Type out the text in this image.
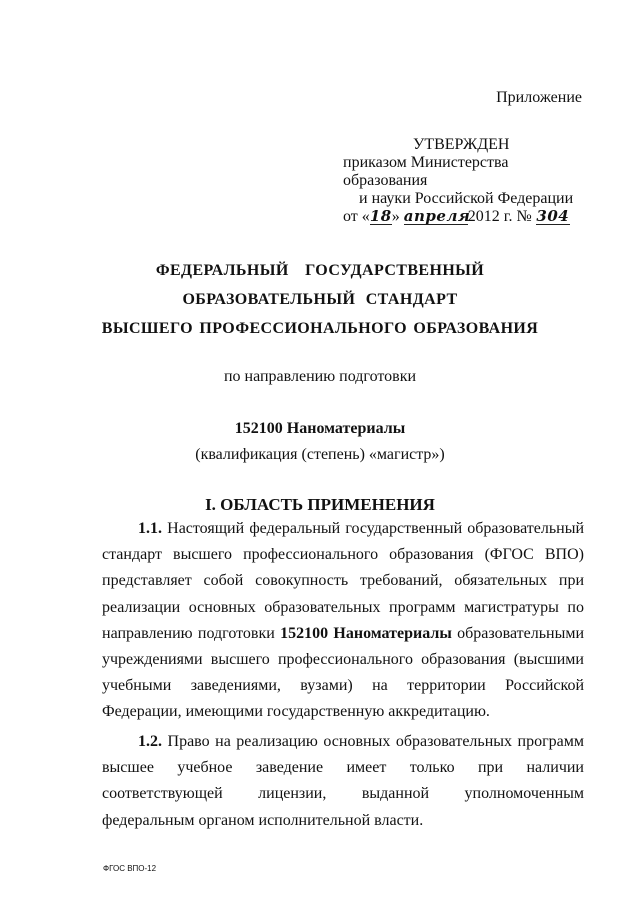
Приложение
УТВЕРЖДЕН
приказом Министерства образования
и науки Российской Федерации
от «18» апреля2012 г. № 304
ФЕДЕРАЛЬНЫЙ ГОСУДАРСТВЕННЫЙ
ОБРАЗОВАТЕЛЬНЫЙ СТАНДАРТ
ВЫСШЕГО ПРОФЕССИОНАЛЬНОГО ОБРАЗОВАНИЯ
по направлению подготовки
152100 Наноматериалы
(квалификация (степень) «магистр»)
I. ОБЛАСТЬ ПРИМЕНЕНИЯ
1.1. Настоящий федеральный государственный образовательный стандарт высшего профессионального образования (ФГОС ВПО) представляет собой совокупность требований, обязательных при реализации основных образовательных программ магистратуры по направлению подготовки 152100 Наноматериалы образовательными учреждениями высшего профессионального образования (высшими учебными заведениями, вузами) на территории Российской Федерации, имеющими государственную аккредитацию.
1.2. Право на реализацию основных образовательных программ высшее учебное заведение имеет только при наличии соответствующей лицензии, выданной уполномоченным федеральным органом исполнительной власти.
ФГОС ВПО-12
